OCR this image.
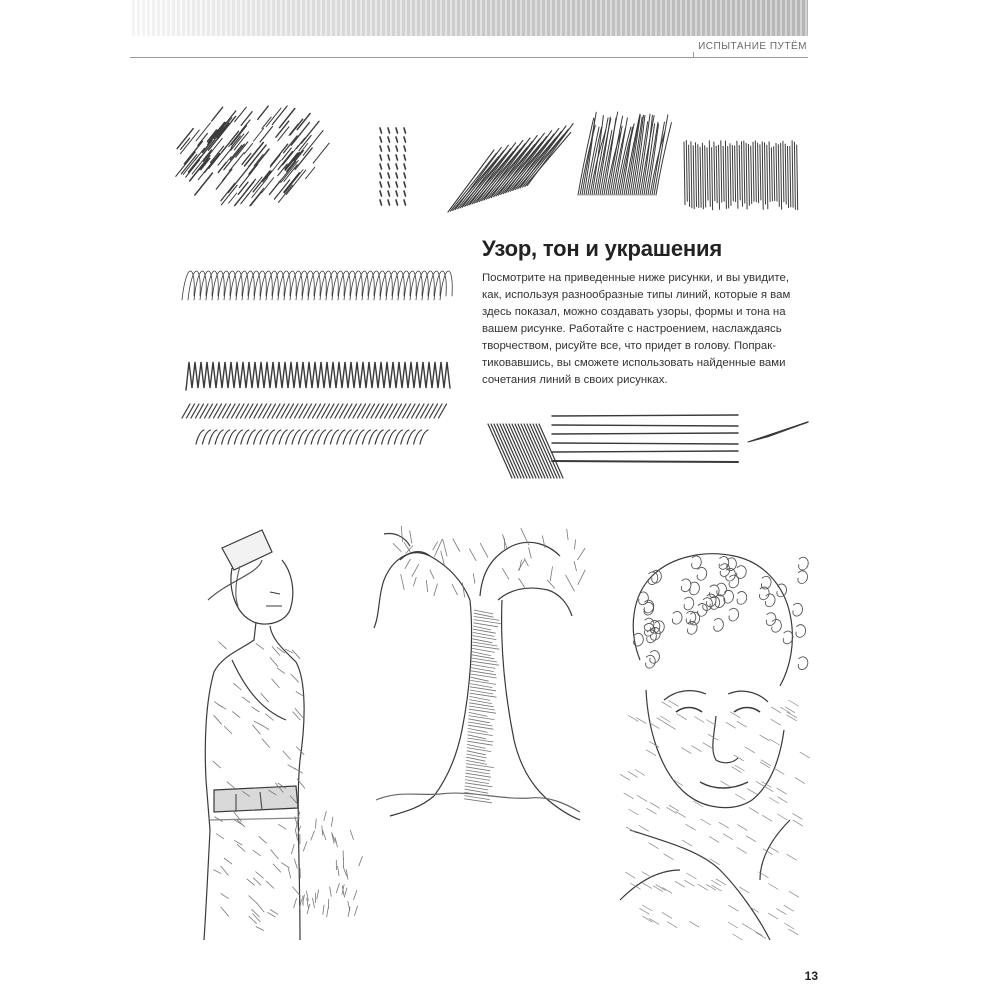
ИСПЫТАНИЕ ПУТЁМ
Узор, тон и украшения

Посмотрите на приведенные ниже рисунки, и вы увидите,
как, используя разнообразные типы линий, которые я вам
здесь показал, можно создавать узоры, формы и тона на
вашем рисунке. Работайте с настроением, наслаждаясь
творчеством, рисуйте все, что придет в голову. Попрак-
тиковавшись, вы сможете использовать найденные вами
сочетания линий в своих рисунках.

13
